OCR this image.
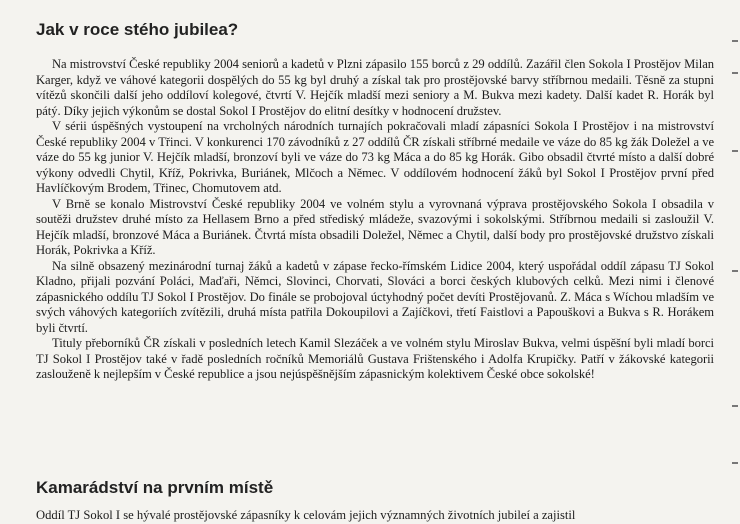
Jak v roce stého jubilea?

Na mistrovství České republiky 2004 seniorů a kadetů v Plzni zápasilo 155 borců z 29 oddílů. Zazářil člen Sokola I Prostějov Milan Karger, když ve váhové kategorii dospělých do 55 kg byl druhý a získal tak pro prostějovské barvy stříbrnou medaili. Těsně za stupni vítězů skončili další jeho oddíloví kolegové, čtvrtí V. Hejčík mladší mezi seniory a M. Bukva mezi kadety. Další kadet R. Horák byl pátý. Díky jejich výkonům se dostal Sokol I Prostějov do elitní desítky v hodnocení družstev.

V sérii úspěšných vystoupení na vrcholných národních turnajích pokračovali mladí zápasníci Sokola I Prostějov i na mistrovství České republiky 2004 v Třinci. V konkurenci 170 závodníků z 27 oddílů ČR získali stříbrné medaile ve váze do 85 kg žák Doležel a ve váze do 55 kg junior V. Hejčík mladší, bronzoví byli ve váze do 73 kg Máca a do 85 kg Horák. Gibo obsadil čtvrté místo a další dobré výkony odvedli Chytil, Kříž, Pokrivka, Buriánek, Mlčoch a Němec. V oddílovém hodnocení žáků byl Sokol I Prostějov první před Havlíčkovým Brodem, Třinec, Chomutovem atd.

V Brně se konalo Mistrovství České republiky 2004 ve volném stylu a vyrovnaná výprava prostějovského Sokola I obsadila v soutěži družstev druhé místo za Hellasem Brno a před střediský mládeže, svazovými i sokolskými. Stříbrnou medaili si zasloužil V. Hejčík mladší, bronzové Máca a Buriánek. Čtvrtá místa obsadili Doležel, Němec a Chytil, další body pro prostějovské družstvo získali Horák, Pokrivka a Kříž.

Na silně obsazený mezinárodní turnaj žáků a kadetů v zápase řecko-římském Lidice 2004, který uspořádal oddíl zápasu TJ Sokol Kladno, přijali pozvání Poláci, Maďaři, Němci, Slovinci, Chorvati, Slováci a borci českých klubových celků. Mezi nimi i členové zápasnického oddílu TJ Sokol I Prostějov. Do finále se probojoval úctyhodný počet devíti Prostějovanů. Z. Máca s Wíchou mladším ve svých váhových kategoriích zvítězili, druhá místa patřila Dokoupilovi a Zajíčkovi, třetí Faistlovi a Papouškovi a Bukva s R. Horákem byli čtvrtí.

Tituly přeborníků ČR získali v posledních letech Kamil Slezáček a ve volném stylu Miroslav Bukva, velmi úspěšní byli mladí borci TJ Sokol I Prostějov také v řadě posledních ročníků Memoriálů Gustava Frištenského i Adolfa Krupičky. Patří v žákovské kategorii zaslouženě k nejlepším v České republice a jsou nejúspěšnějším zápasnickým kolektivem České obce sokolské!

Kamarádství na prvním místě
Oddíl TJ Sokol I se hývalé prostějovské zápasníky k celovám jejich významných životních jubileí a zajistil
